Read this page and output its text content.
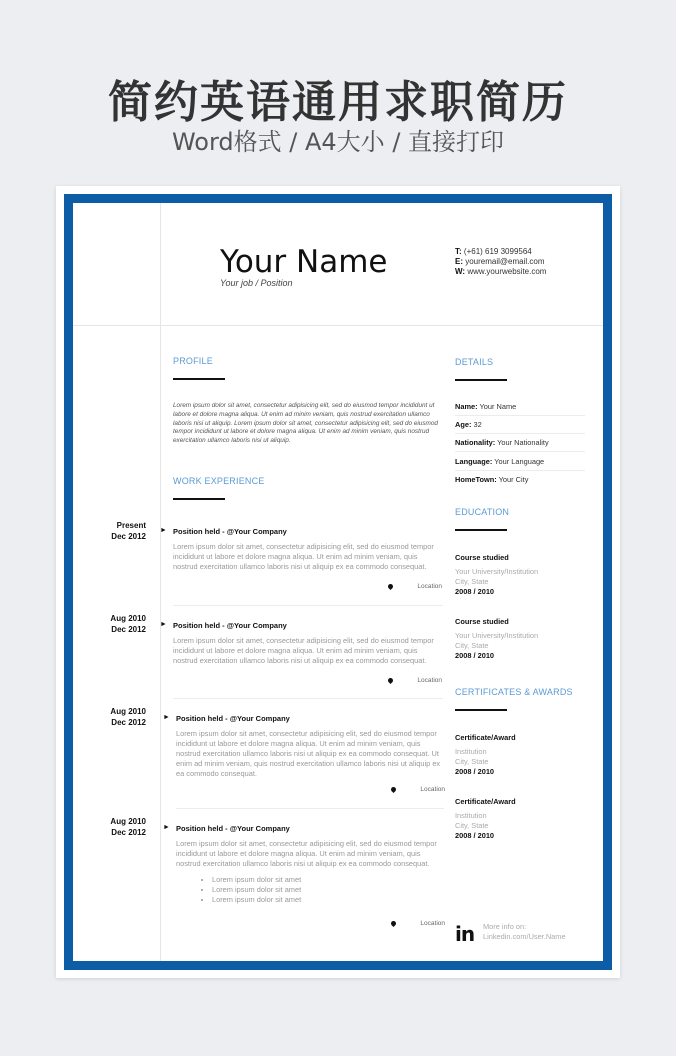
简约英语通用求职简历
Word格式 / A4大小 / 直接打印
Your Name
Your job / Position
T: (+61) 619 3099564
E: youremail@email.com
W: www.yourwebsite.com
PROFILE
Lorem ipsum dolor sit amet, consectetur adipisicing elit, sed do eiusmod tempor incididunt ut labore et dolore magna aliqua. Ut enim ad minim veniam, quis nostrud exercitation ullamco laboris nisi ut aliquip. Lorem ipsum dolor sit amet, consectetur adipisicing elit, sed do eiusmod tempor incididunt ut labore et dolore magna aliqua. Ut enim ad minim veniam, quis nostrud exercitation ullamco laboris nisi ut aliquip.
WORK EXPERIENCE
Present
Dec 2012
► Position held - @Your Company
Lorem ipsum dolor sit amet, consectetur adipisicing elit, sed do eiusmod tempor incididunt ut labore et dolore magna aliqua. Ut enim ad minim veniam, quis nostrud exercitation ullamco laboris nisi ut aliquip ex ea commodo consequat.
Location
Aug 2010
Dec 2012
► Position held - @Your Company
Lorem ipsum dolor sit amet, consectetur adipisicing elit, sed do eiusmod tempor incididunt ut labore et dolore magna aliqua. Ut enim ad minim veniam, quis nostrud exercitation ullamco laboris nisi ut aliquip ex ea commodo consequat.
Location
Aug 2010
Dec 2012
► Position held - @Your Company
Lorem ipsum dolor sit amet, consectetur adipisicing elit, sed do eiusmod tempor incididunt ut labore et dolore magna aliqua. Ut enim ad minim veniam, quis nostrud exercitation ullamco laboris nisi ut aliquip ex ea commodo consequat. Ut enim ad minim veniam, quis nostrud exercitation ullamco laboris nisi ut aliquip ex ea commodo consequat.
Location
Aug 2010
Dec 2012
► Position held - @Your Company
Lorem ipsum dolor sit amet, consectetur adipisicing elit, sed do eiusmod tempor incididunt ut labore et dolore magna aliqua. Ut enim ad minim veniam, quis nostrud exercitation ullamco laboris nisi ut aliquip ex ea commodo consequat.
• Lorem ipsum dolor sit amet
• Lorem ipsum dolor sit amet
• Lorem ipsum dolor sit amet
Location
DETAILS
Name: Your Name
Age: 32
Nationality: Your Nationality
Language: Your Language
HomeTown: Your City
EDUCATION
Course studied
Your University/Institution
City, State
2008 / 2010
Course studied
Your University/Institution
City, State
2008 / 2010
CERTIFICATES & AWARDS
Certificate/Award
Institution
City, State
2008 / 2010
Certificate/Award
Institution
City, State
2008 / 2010
in More info on:
Linkedin.com/User.Name
